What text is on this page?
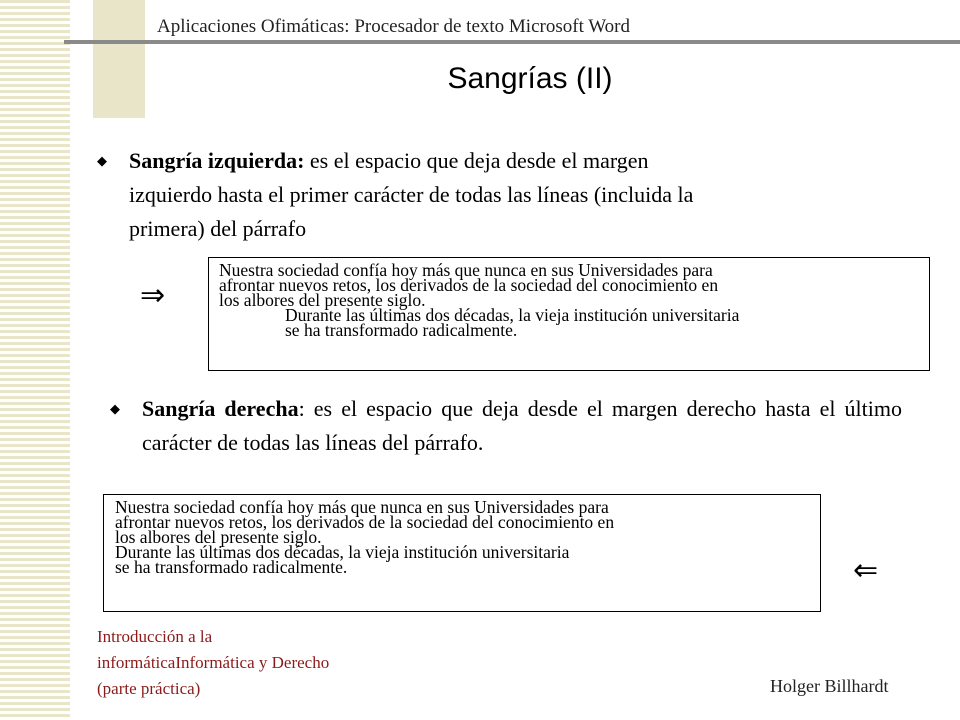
Aplicaciones Ofimáticas: Procesador de texto Microsoft Word
Sangrías (II)
◆	Sangría izquierda: es el espacio que deja desde el margen
izquierdo hasta el primer carácter de todas las líneas (incluida la
primera) del párrafo
⇒

Nuestra sociedad confía hoy más que nunca en sus Universidades para

afrontar nuevos retos, los derivados de la sociedad del conocimiento en

los albores del presente siglo.

Durante las últimas dos décadas, la vieja institución universitaria

se ha transformado radicalmente.

◆	Sangría derecha: es el espacio que deja desde el margen derecho hasta el último carácter de todas las líneas del párrafo.

Nuestra sociedad confía hoy más que nunca en sus Universidades para

afrontar nuevos retos, los derivados de la sociedad del conocimiento en

los albores del presente siglo.

Durante las últimas dos décadas, la vieja institución universitaria

se ha transformado radicalmente.	⇐
Introducción a la
informáticaInformática y Derecho
(parte práctica)	Holger Billhardt
